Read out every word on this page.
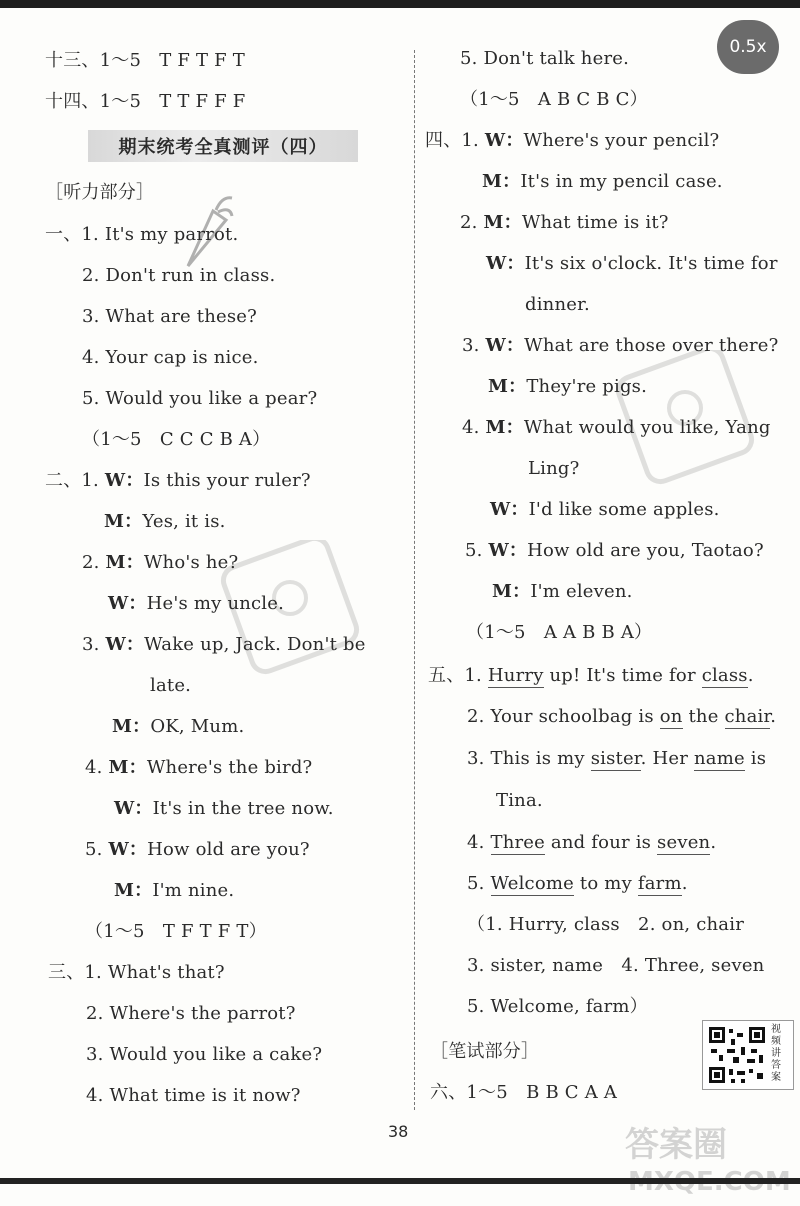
0.5x
十三、1～5　T F T F T
十四、1～5　T T F F F
期末统考全真测评（四）
［听力部分］
一、1. It's my parrot.
2. Don't run in class.
3. What are these?
4. Your cap is nice.
5. Would you like a pear?
（1～5　C C C B A）
二、1. W：Is this your ruler?
M：Yes, it is.
2. M：Who's he?
W：He's my uncle.
3. W：Wake up, Jack. Don't be
late.
M：OK, Mum.
4. M：Where's the bird?
W：It's in the tree now.
5. W：How old are you?
M：I'm nine.
（1～5　T F T F T）
三、1. What's that?
2. Where's the parrot?
3. Would you like a cake?
4. What time is it now?
5. Don't talk here.
（1～5　A B C B C）
四、1. W：Where's your pencil?
M：It's in my pencil case.
2. M：What time is it?
W：It's six o'clock. It's time for
dinner.
3. W：What are those over there?
M：They're pigs.
4. M：What would you like, Yang
Ling?
W：I'd like some apples.
5. W：How old are you, Taotao?
M：I'm eleven.
（1～5　A A B B A）
五、1. Hurry up! It's time for class.
2. Your schoolbag is on the chair.
3. This is my sister. Her name is
Tina.
4. Three and four is seven.
5. Welcome to my farm.
（1. Hurry, class　2. on, chair
3. sister, name　4. Three, seven
5. Welcome, farm）
［笔试部分］
六、1～5　B B C A A
视频讲答案
38	答案圈
